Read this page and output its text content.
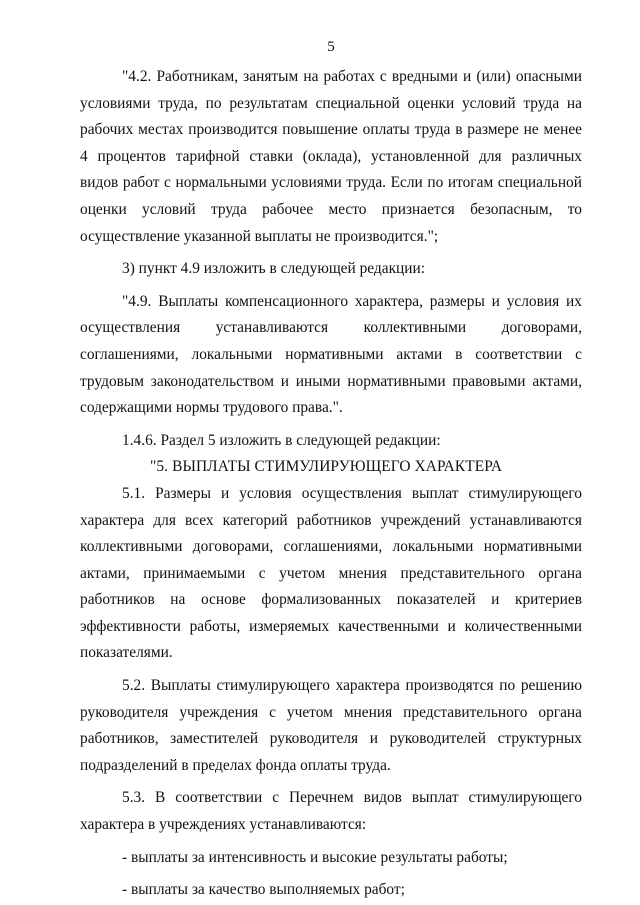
5

"4.2. Работникам, занятым на работах с вредными и (или) опасными условиями труда, по результатам специальной оценки условий труда на рабочих местах производится повышение оплаты труда в размере не менее 4 процентов тарифной ставки (оклада), установленной для различных видов работ с нормальными условиями труда. Если по итогам специальной оценки условий труда рабочее место признается безопасным, то осуществление указанной выплаты не производится.";

3) пункт 4.9 изложить в следующей редакции:

"4.9. Выплаты компенсационного характера, размеры и условия их осуществления устанавливаются коллективными договорами, соглашениями, локальными нормативными актами в соответствии с трудовым законодательством и иными нормативными правовыми актами, содержащими нормы трудового права.".

1.4.6. Раздел 5 изложить в следующей редакции:

"5. ВЫПЛАТЫ СТИМУЛИРУЮЩЕГО ХАРАКТЕРА

5.1. Размеры и условия осуществления выплат стимулирующего характера для всех категорий работников учреждений устанавливаются коллективными договорами, соглашениями, локальными нормативными актами, принимаемыми с учетом мнения представительного органа работников на основе формализованных показателей и критериев эффективности работы, измеряемых качественными и количественными показателями.

5.2. Выплаты стимулирующего характера производятся по решению руководителя учреждения с учетом мнения представительного органа работников, заместителей руководителя и руководителей структурных подразделений в пределах фонда оплаты труда.

5.3. В соответствии с Перечнем видов выплат стимулирующего характера в учреждениях устанавливаются:

- выплаты за интенсивность и высокие результаты работы;

- выплаты за качество выполняемых работ;
